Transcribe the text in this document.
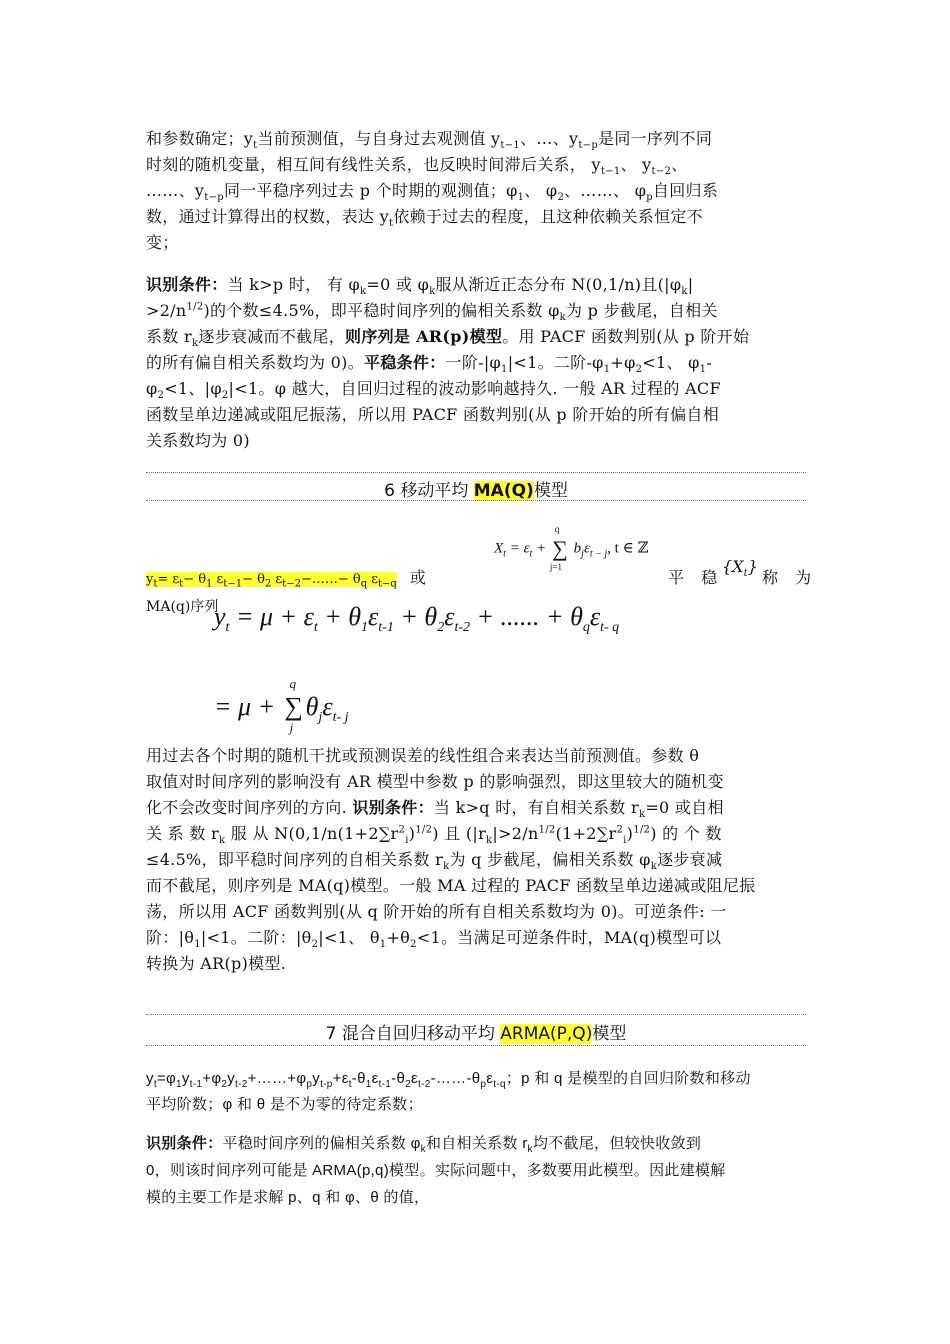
和参数确定；$y_t$当前预测值，与自身过去观测值 $y_{t-1}$、…、$y_{t-p}$是同一序列不同
时刻的随机变量，相互间有线性关系，也反映时间滞后关系， $y_{t-1}$、 $y_{t-2}$、
……、$y_{t-p}$同一平稳序列过去 p 个时期的观测值；$\varphi_1$、 $\varphi_2$、……、 $\varphi_p$自回归系
数，通过计算得出的权数，表达 $y_t$依赖于过去的程度，且这种依赖关系恒定不
变；
识别条件：当 k>p 时， 有 $\varphi_k=0$ 或 $\varphi_k$服从渐近正态分布 N(0,1/n)且($|\varphi_k|$
$>2/n^{1/2}$)的个数≤4.5%，即平稳时间序列的偏相关系数 $\varphi_k$为 p 步截尾，自相关
系数 $r_k$逐步衰减而不截尾，则序列是 AR(p)模型。用 PACF 函数判别(从 p 阶开始
的所有偏自相关系数均为 0)。平稳条件：一阶$-|\varphi_1|<1$。二阶$-\varphi_1+\varphi_2<1$、 $\varphi_1-$
$\varphi_2<1$、$|\varphi_2|<1$。φ 越大，自回归过程的波动影响越持久. 一般 AR 过程的 ACF
函数呈单边递减或阻尼振荡，所以用 PACF 函数判别(从 p 阶开始的所有偏自相
关系数均为 0)
6 移动平均 MA(Q)模型
$y_t= \varepsilon_t- \theta_1$ $\varepsilon_{t-1}- \theta_2$ $\varepsilon_{t-2}-\dots\dots- \theta_q$ $\varepsilon_{t-q}$ 或	平 稳 称 为
$\{X_t\}$
$X_t = \varepsilon_t$ + ∑
q
j=1
$b_j\varepsilon_{t - j}$, t ∈ ℤ
MA(q)序列
$y_t = \mu + \varepsilon_t + \theta_1\varepsilon_{t-1} + \theta_2\varepsilon_{t-2}$ + ...... + $\theta_q\varepsilon_{t- q}$
= μ + ∑
q
j
$\theta_j\varepsilon_{t- j}$
用过去各个时期的随机干扰或预测误差的线性组合来表达当前预测值。参数 θ
取值对时间序列的影响没有 AR 模型中参数 p 的影响强烈，即这里较大的随机变
化不会改变时间序列的方向. 识别条件：当 k>q 时，有自相关系数 $r_k=0$ 或自相
关 系 数 $r_k$ 服 从 $N(0,1/n(1+2\sum r^2_i)^{1/2})$ 且 $(|r_k|>2/n^{1/2}(1+2\sum r^2_i)^{1/2})$ 的 个 数
≤4.5%，即平稳时间序列的自相关系数 $r_k$为 q 步截尾，偏相关系数 $\varphi_k$逐步衰减
而不截尾，则序列是 MA(q)模型。一般 MA 过程的 PACF 函数呈单边递减或阻尼振
荡，所以用 ACF 函数判别(从 q 阶开始的所有自相关系数均为 0)。可逆条件: 一
阶：$|\theta_1|<1$。二阶：$|\theta_2|<1$、 $\theta_1+\theta_2<1$。当满足可逆条件时，MA(q)模型可以
转换为 AR(p)模型.
7 混合自回归移动平均 ARMA(P,Q)模型
$y_t=\varphi_1y_{t-1}+\varphi_2y_{t-2}+\dots\dots+\varphi_py_{t-p}+\varepsilon_t-\theta_1\varepsilon_{t-1}-\theta_2\varepsilon_{t-2}-\dots\dots-\theta_p\varepsilon_{t-q}$；p 和 q 是模型的自回归阶数和移动
平均阶数；φ 和 θ 是不为零的待定系数；
识别条件：平稳时间序列的偏相关系数 $\varphi_k$和自相关系数 $r_k$均不截尾，但较快收敛到
0，则该时间序列可能是 ARMA(p,q)模型。实际问题中，多数要用此模型。因此建模解
模的主要工作是求解 p、q 和 φ、θ 的值，
